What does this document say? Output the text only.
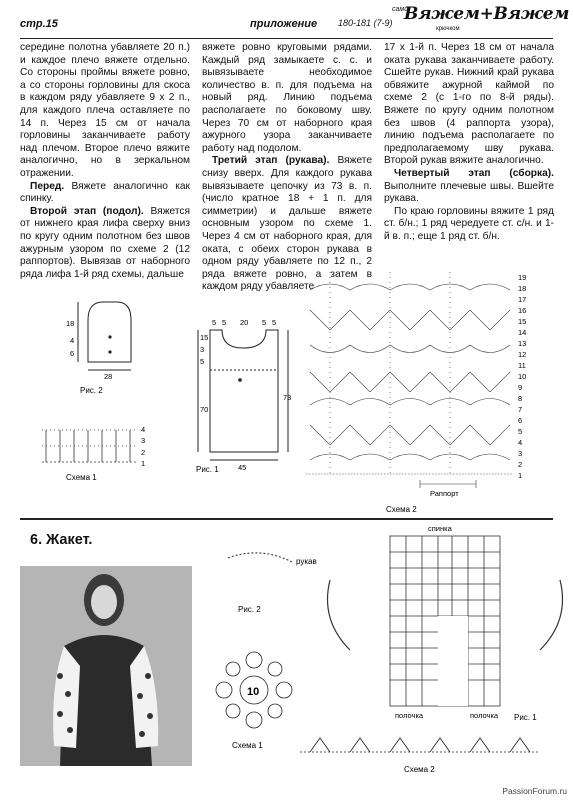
стр.15	приложение 180-181 (7-9)
сами
Вяжем+Вяжем
крючком

середине полотна убавляете 20 п.) и каждое плечо вяжете отдельно. Со стороны проймы вяжете ровно, а со стороны горловины для скоса в каждом ряду убавляете 9 x 2 п., для каждого плеча оставляете по 14 п. Через 15 см от начала горловины заканчиваете работу над плечом. Второе плечо вяжите аналогично, но в зеркальном отражении.

Перед. Вяжете аналогично как спинку.

Второй этап (подол). Вяжется от нижнего края лифа сверху вниз по кругу одним полотном без швов ажурным узором по схеме 2 (12 раппортов). Вывязав от наборного ряда лифа 1-й ряд схемы, дальше

вяжете ровно круговыми рядами. Каждый ряд замыкаете с. с. и вывязываете необходимое количество в. п. для подъема на новый ряд. Линию подъема располагаете по боковому шву. Через 70 см от наборного края ажурного узора заканчиваете работу над подолом.

Третий этап (рукава). Вяжете снизу вверх. Для каждого рукава вывязываете цепочку из 73 в. п. (число кратное 18 + 1 п. для симметрии) и дальше вяжете основным узором по схеме 1. Через 4 см от наборного края, для оката, с обеих сторон рукава в одном ряду убавляете по 12 п., 2 ряда вяжете ровно, а затем в каждом ряду убавляете

17 x 1-й п. Через 18 см от начала оката рукава заканчиваете работу. Сшейте рукав. Нижний край рукава обвяжите ажурной каймой по схеме 2 (с 1-го по 8-й ряды). Вяжете по кругу одним полотном без швов (4 раппорта узора), линию подъема располагаете по предполагаемому шву рукава. Второй рукав вяжите аналогично.

Четвертый этап (сборка). Выполните плечевые швы. Вшейте рукава.

По краю горловины вяжите 1 ряд ст. б/н.; 1 ряд чередуете ст. с/н. и 1-й в. п.; еще 1 ряд ст. б/н.

18
4
6
28
Рис. 2
1
2
3
4
Схема 1
5 5 20 5 5
15
3
5
70
73
45
Рис. 1
19
18
17
16
15
14
13
12
11
10
9
8
7
6
5
4
3
2
1
Раппорт
Схема 2
6. Жакет.
рукав
Рис. 2
10
Схема 1
спинка
полочка	полочка Рис. 1
Схема 2
PassionForum.ru
